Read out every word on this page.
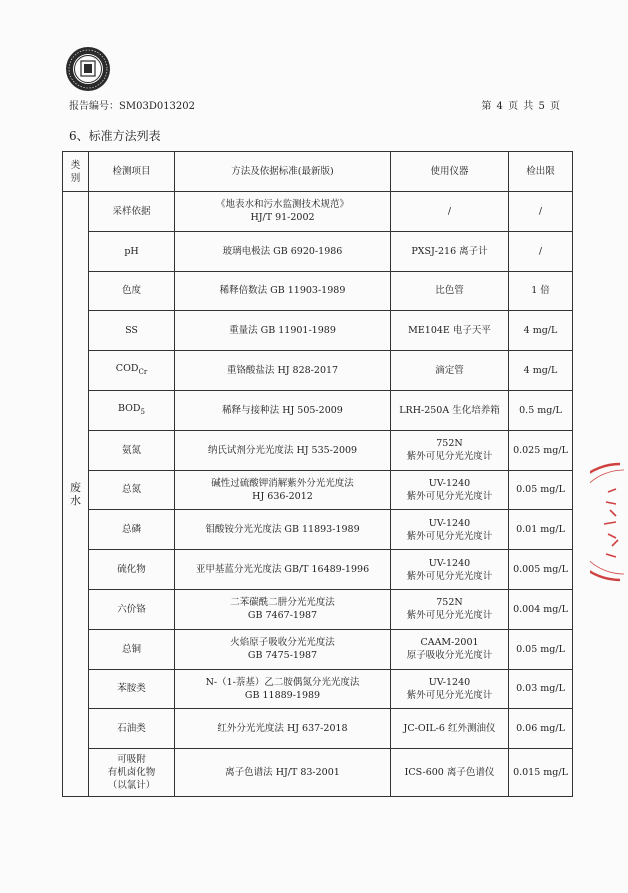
报告编号：SM03D013202	第 4 页 共 5 页
6、标准方法列表
类
别	检测项目	方法及依据标准(最新版)	使用仪器	检出限

废
水	采样依据	《地表水和污水监测技术规范》
HJ/T 91-2002	/	/

	pH	玻璃电极法 GB 6920-1986	PXSJ-216 离子计	/

	色度	稀释倍数法 GB 11903-1989	比色管	1 倍

	SS	重量法 GB 11901-1989	ME104E 电子天平	4 mg/L
	$COD_{Cr}$	重铬酸盐法 HJ 828-2017	滴定管	4 mg/L
	$BOD_5$	稀释与接种法 HJ 505-2009	LRH-250A 生化培养箱	0.5 mg/L

	氨氮	纳氏试剂分光光度法 HJ 535-2009	752N
紫外可见分光光度计	0.025 mg/L

	总氮	碱性过硫酸钾消解紫外分光光度法
HJ 636-2012	UV-1240
紫外可见分光光度计	0.05 mg/L

	总磷	钼酸铵分光光度法 GB 11893-1989	UV-1240
紫外可见分光光度计	0.01 mg/L

	硫化物	亚甲基蓝分光光度法 GB/T 16489-1996	UV-1240
紫外可见分光光度计	0.005 mg/L

	六价铬	二苯碳酰二肼分光光度法
GB 7467-1987	752N
紫外可见分光光度计	0.004 mg/L

	总铜	火焰原子吸收分光光度法
GB 7475-1987	CAAM-2001
原子吸收分光光度计	0.05 mg/L

	苯胺类	N-（1-萘基）乙二胺偶氮分光光度法
GB 11889-1989	UV-1240
紫外可见分光光度计	0.03 mg/L

	石油类	红外分光光度法 HJ 637-2018	JC-OIL-6 红外测油仪	0.06 mg/L

	可吸附
有机卤化物
（以氯计）	离子色谱法 HJ/T 83-2001	ICS-600 离子色谱仪	0.015 mg/L
